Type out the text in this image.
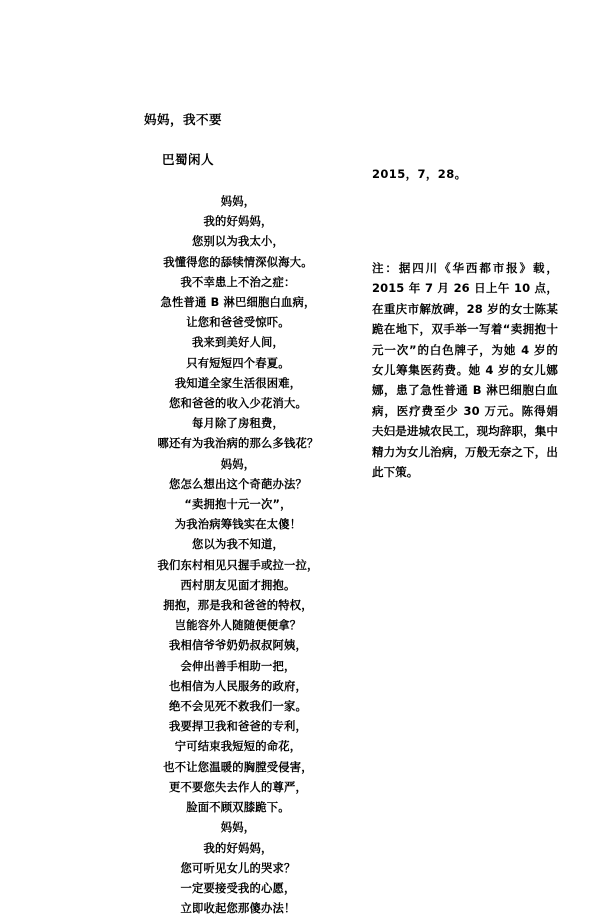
妈妈，我不要
巴蜀闲人
妈妈，
我的好妈妈，
您别以为我太小，
我懂得您的舔犊情深似海大。
我不幸患上不治之症：
急性普通 B 淋巴细胞白血病，
让您和爸爸受惊吓。
我来到美好人间，
只有短短四个春夏。
我知道全家生活很困难，
您和爸爸的收入少花消大。
每月除了房租费，
哪还有为我治病的那么多钱花？
妈妈，
您怎么想出这个奇葩办法？
“卖拥抱十元一次”，
为我治病筹钱实在太傻！
您以为我不知道，
我们东村相见只握手或拉一拉，
西村朋友见面才拥抱。
拥抱，那是我和爸爸的特权，
岂能容外人随随便便拿？
我相信爷爷奶奶叔叔阿姨，
会伸出善手相助一把，
也相信为人民服务的政府，
绝不会见死不救我们一家。
我要捍卫我和爸爸的专利，
宁可结束我短短的命花，
也不让您温暖的胸膛受侵害，
更不要您失去作人的尊严，
脸面不顾双膝跪下。
妈妈，
我的好妈妈，
您可听见女儿的哭求？
一定要接受我的心愿，
立即收起您那傻办法！
2015，7，28。
注：据四川《华西都市报》载，2015 年 7 月 26 日上午 10 点，在重庆市解放碑，28 岁的女士陈某跪在地下，双手举一写着“卖拥抱十元一次”的白色牌子，为她 4 岁的女儿筹集医药费。她 4 岁的女儿娜娜，患了急性普通 B 淋巴细胞白血病，医疗费至少 30 万元。陈得娟夫妇是进城农民工，现均辞职，集中精力为女儿治病，万般无奈之下，出此下策。
